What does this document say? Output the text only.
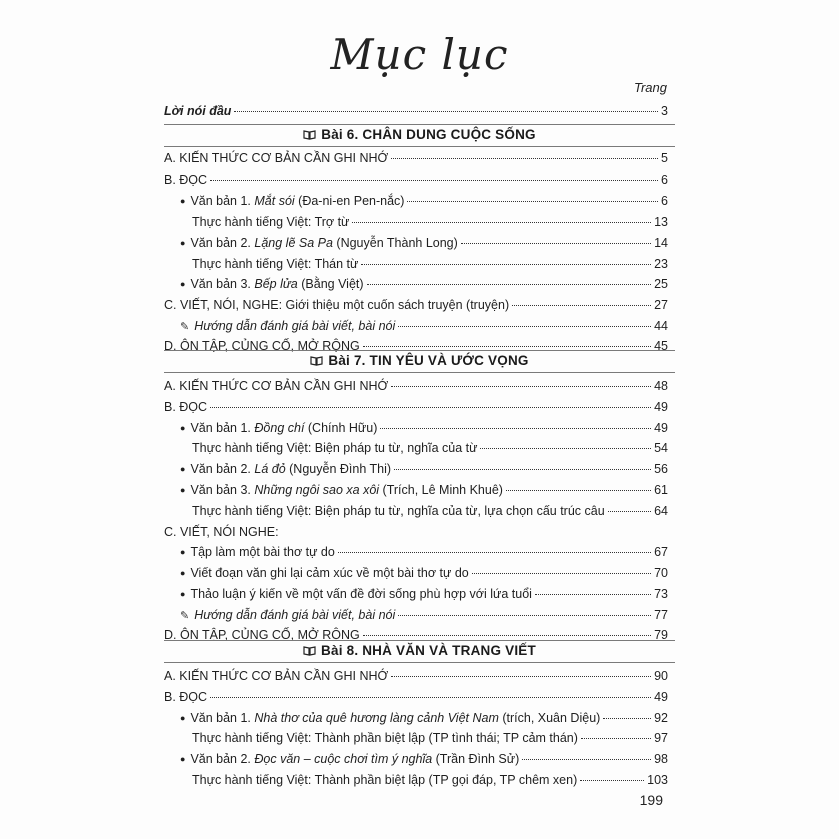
Mục lục
Trang
Lời nói đầu	3
Bài 6. CHÂN DUNG CUỘC SỐNG
A. KIẾN THỨC CƠ BẢN CẦN GHI NHỚ	5
B. ĐỌC	6
● Văn bản 1. Mắt sói (Đa-ni-en Pen-nắc)	6
Thực hành tiếng Việt: Trợ từ	13
● Văn bản 2. Lặng lẽ Sa Pa (Nguyễn Thành Long)	14
Thực hành tiếng Việt: Thán từ	23
● Văn bản 3. Bếp lửa (Bằng Việt)	25
C. VIẾT, NÓI, NGHE: Giới thiệu một cuốn sách truyện (truyện)	27
✎ Hướng dẫn đánh giá bài viết, bài nói	44
D. ÔN TẬP, CỦNG CỐ, MỞ RỘNG	45
Bài 7. TIN YÊU VÀ ƯỚC VỌNG
A. KIẾN THỨC CƠ BẢN CẦN GHI NHỚ	48
B. ĐỌC	49
● Văn bản 1. Đồng chí (Chính Hữu)	49
Thực hành tiếng Việt: Biện pháp tu từ, nghĩa của từ	54
● Văn bản 2. Lá đỏ (Nguyễn Đình Thi)	56
● Văn bản 3. Những ngôi sao xa xôi (Trích, Lê Minh Khuê)	61
Thực hành tiếng Việt: Biện pháp tu từ, nghĩa của từ, lựa chọn cấu trúc câu	64
C. VIẾT, NÓI NGHE:
● Tập làm một bài thơ tự do	67
● Viết đoạn văn ghi lại cảm xúc về một bài thơ tự do	70
● Thảo luận ý kiến về một vấn đề đời sống phù hợp với lứa tuổi	73
✎ Hướng dẫn đánh giá bài viết, bài nói	77
D. ÔN TẬP, CỦNG CỐ, MỞ RỘNG	79
Bài 8. NHÀ VĂN VÀ TRANG VIẾT
A. KIẾN THỨC CƠ BẢN CẦN GHI NHỚ	90
B. ĐỌC	49
● Văn bản 1. Nhà thơ của quê hương làng cảnh Việt Nam (trích, Xuân Diệu)	92
Thực hành tiếng Việt: Thành phần biệt lập (TP tình thái; TP cảm thán)	97
● Văn bản 2. Đọc văn – cuộc chơi tìm ý nghĩa (Trần Đình Sử)	98
Thực hành tiếng Việt: Thành phần biệt lập (TP gọi đáp, TP chêm xen)	103
199
